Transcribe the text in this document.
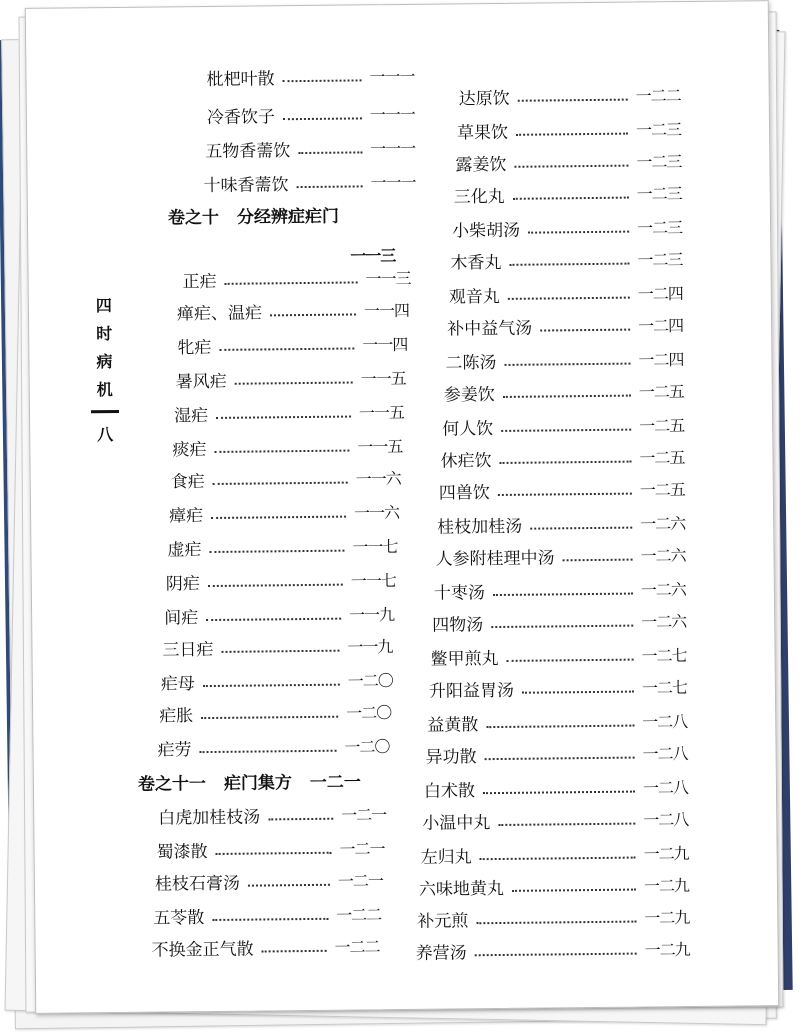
四
时
病
机
八
枇杷叶散	一一一
冷香饮子	一一一
五物香薷饮	一一一
十味香薷饮	一一一
卷之十 分经辨症疟门
一一三
正疟	一一三
瘅疟、温疟	一一四
牝疟	一一四
暑风疟	一一五
湿疟	一一五
痰疟	一一五
食疟	一一六
瘴疟	一一六
虚疟	一一七
阴疟	一一七
间疟	一一九
三日疟	一一九
疟母	一二〇
疟胀	一二〇
疟劳	一二〇
卷之十一 疟门集方 一二一
白虎加桂枝汤	一二一
蜀漆散	一二一
桂枝石膏汤	一二一
五苓散	一二二
不换金正气散	一二二
达原饮	一二二
草果饮	一二三
露姜饮	一二三
三化丸	一二三
小柴胡汤	一二三
木香丸	一二三
观音丸	一二四
补中益气汤	一二四
二陈汤	一二四
参姜饮	一二五
何人饮	一二五
休疟饮	一二五
四兽饮	一二五
桂枝加桂汤	一二六
人参附桂理中汤	一二六
十枣汤	一二六
四物汤	一二六
鳖甲煎丸	一二七
升阳益胃汤	一二七
益黄散	一二八
异功散	一二八
白术散	一二八
小温中丸	一二八
左归丸	一二九
六味地黄丸	一二九
补元煎	一二九
养营汤	一二九
